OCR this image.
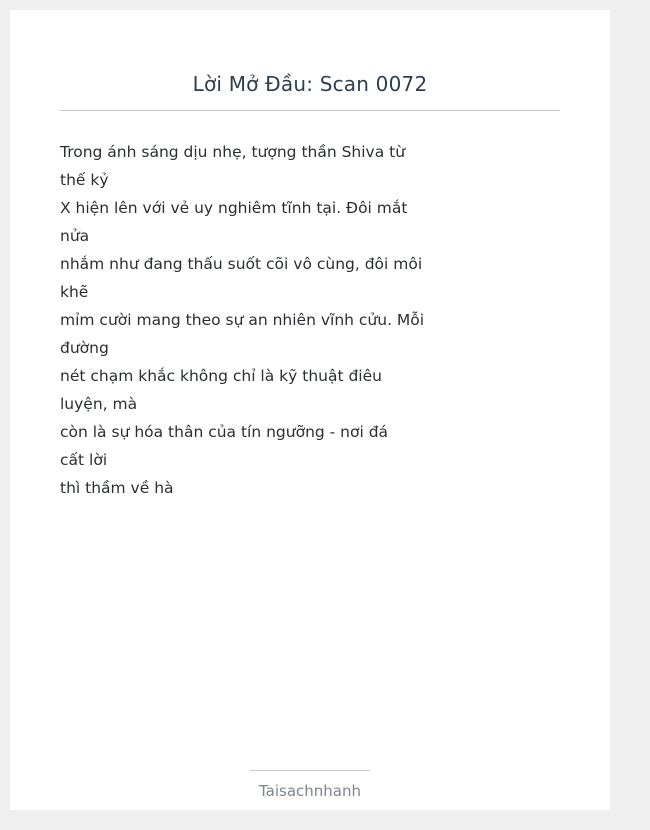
Lời Mở Đầu: Scan 0072
Trong ánh sáng dịu nhẹ, tượng thần Shiva từ
thế kỷ
X hiện lên với vẻ uy nghiêm tĩnh tại. Đôi mắt
nửa
nhắm như đang thấu suốt cõi vô cùng, đôi môi
khẽ
mỉm cười mang theo sự an nhiên vĩnh cửu. Mỗi
đường
nét chạm khắc không chỉ là kỹ thuật điêu
luyện, mà
còn là sự hóa thân của tín ngưỡng - nơi đá
cất lời
thì thầm về hà
Taisachnhanh
